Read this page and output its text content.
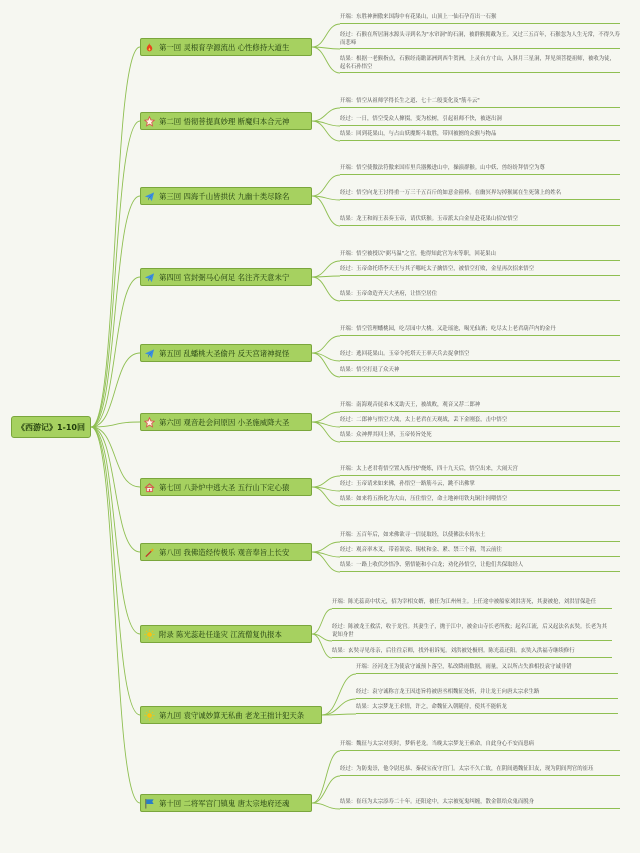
《西游记》1-10回
第一回 灵根育孕源流出 心性修持大道生
开端：东胜神洲傲来国海中有花果山，山顶上一仙石孕育出一石猴
经过：石猴在所居涧水源头寻到名为"水帘洞"的石洞，被群猴拥戴为王。又过三五百年，石猴忽为人生无常，不得久寿而悲啼
结果：根据一老猴指点，石猴经南瞻部洲到西牛贺洲，上灵台方寸山，入斜月三星洞，拜见须菩提祖师，被收为徒，起名石孙悟空
第二回 悟彻菩提真妙理 断魔归本合元神
开端：悟空从祖师学得长生之道、七十二般变化及"筋斗云"
经过：一日，悟空受众人撺掇，变为松树，引起祖师不快，被逐出洞
结果：回到花果山，与占山妖魔斯斗取胜，带回被掳的众猴与物品
第三回 四海千山皆拱伏 九幽十类尽除名
开端：悟空使傲法符傲来国库里兵器搬进山中，操演群猴。山中妖、兽纷纷拜悟空为尊
经过：悟空向龙王讨得重一万三千五百斤的如意金箍棒。在幽冥界勾掉猴属在生死簿上的姓名
结果：龙王和阎王表奏玉帝，请伏妖猴。玉帝派太白金星赴花果山招安悟空
第四回 官封弼马心何足 名注齐天意未宁
开端：悟空被授以"弼马温"之官，他得知此官为末等职，回花果山
经过：玉帝命托塔李天王与其子哪吒太子擒悟空，被悟空打败，金星再次招来悟空
结果：玉帝命造齐天大圣府，让悟空居住
第五回 乱蟠桃大圣偷丹 反天宫诸神捉怪
开端：悟空管理蟠桃园，吃尽园中大桃。又赴瑶池，喝光仙酒；吃尽太上老君葫芦内的金丹
经过：逃回花果山。玉帝令托塔天王率天兵去捉拿悟空
结果：悟空打退了众天神
第六回 观音赴会问原因 小圣施威降大圣
开端：南海观音徒弟木叉助天王，被战败，观音又荐二郎神
经过：二郎神与悟空大战，太上老君在天观战，丢下金刚套，击中悟空
结果：众神押其回上界，玉帝传旨处死
第七回 八卦炉中逃大圣 五行山下定心猿
开端：太上老君将悟空置入炼丹炉烧炼，四十九天后，悟空出来，大闹天宫
经过：玉帝请来如来佛，孙悟空一路筋斗云，跳不出佛掌
结果：如来将五指化为大山，压住悟空，命土地神用铁丸铜汁饲喂悟空
第八回 我佛造经传极乐 观音奉旨上长安
开端：五百年后，如来佛欲寻一信徒取经，以使佛法永传东土
经过：观音率木叉，带着袈裟、锡杖和金、紧、禁三个箍，驾云前往
结果：一路上收伏沙悟净、猪悟能和小白龙；劝化孙悟空，让他们共保取经人
附录 陈光蕊赴任逢灾 江流僧复仇报本
开端：陈光蕊高中状元，招为宰相女婿，被任为江州州主。上任途中被船家刘洪害死，其妻被抢，刘洪冒保赴任
经过：陈被龙王救活，收于龙宫。其妻生子，抛于江中，被金山寺长老所救；起名江流，后又起法名玄奘。长老为其说知身世
结果：玄奘寻见母亲，后往往京师，找外祖诉冤。刘洪被处极刑。陈光蕊还阳。玄奘入洪福寺继续修行
第九回 袁守诚妙算无私曲 老龙王拙计犯天条
开端：泾河龙王为使袁守诚预卜落空，私改降雨数据，雨量，又以所占失准相投袁守诚非错
经过：袁守诚称言龙王因违旨将被唐丞相魏征处斩，并让龙王向唐太宗求生路
结果：太宗梦龙王求情，许之，命魏征入朝随侍，使其不能斩龙
第十回 二将军宫门镇鬼 唐太宗地府还魂
开端：魏征与太宗对奕时，梦斩老龙。当晚太宗梦龙王索命，自此身心不安而患病
经过：为防鬼崇，他令尉迟恭、秦叔宝夜守宫门。太宗不久亡故，在阴间遇魏征旧友，现为阴间判官的崔珏
结果：崔珏为太宗添寿二十年。还阳途中，太宗被冤鬼纠缠，散金银给众鬼而脱身
